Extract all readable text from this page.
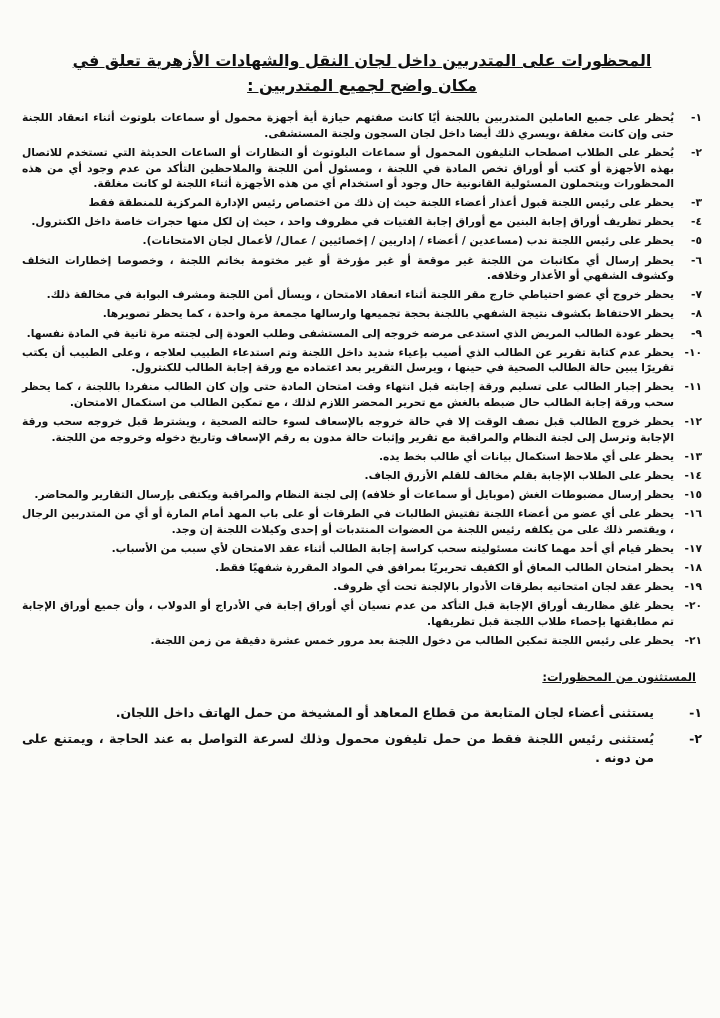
المحظورات على المتدربين داخل لجان النقل والشهادات الأزهرية تعلق في مكان واضح لجميع المتدربين :
١-
يُحظر على جميع العاملين المتدربين باللجنة أيًا كانت صفتهم حيازة أية أجهزة محمول أو سماعات بلوتوث أثناء انعقاد اللجنة حتى وإن كانت مغلقة ،ويسري ذلك أيضا داخل لجان السجون ولجنة المستشفى.
٢-
يُحظر على الطلاب اصطحاب التليفون المحمول أو سماعات البلوتوث أو النظارات أو الساعات الحديثة التي تستخدم للاتصال بهذه الأجهزة أو كتب أو أوراق تخص المادة في اللجنة ، ومسئول أمن اللجنة والملاحظين التأكد من عدم وجود أي من هذه المحظورات ويتحملون المسئولية القانونية حال وجود أو استخدام أي من هذه الأجهزة أثناء اللجنة لو كانت مغلقة.
٣-
يحظر على رئيس اللجنة قبول أعذار أعضاء اللجنة حيث إن ذلك من اختصاص رئيس الإدارة المركزية للمنطقة فقط
٤-
يحظر تظريف أوراق إجابة البنين مع أوراق إجابة الفتيات في مظروف واحد ، حيث إن لكل منها حجرات خاصة داخل الكنترول.
٥-
يحظر على رئيس اللجنة ندب (مساعدين / أعضاء / إداريين / إخصائيين / عمال/ لأعمال لجان الامتحانات).
٦-
يحظر إرسال أي مكاتبات من اللجنة غير موقعة أو غير مؤرخة أو غير مختومة بخاتم اللجنة ، وخصوصا إخطارات التخلف وكشوف الشفهي أو الأعذار وخلافه.
٧-
يحظر خروج أي عضو احتياطي خارج مقر اللجنة أثناء انعقاد الامتحان ، ويسأل أمن اللجنة ومشرف البوابة في مخالفة ذلك.
٨-
يحظر الاحتفاظ بكشوف نتيجة الشفهي باللجنة بحجة تجميعها وارسالها مجمعة مرة واحدة ، كما يحظر تصويرها.
٩-
يحظر عودة الطالب المريض الذي استدعى مرضه خروجه إلى المستشفى وطلب العودة إلى لجنته مرة ثانية في المادة نفسها.
١٠-
يحظر عدم كتابة تقرير عن الطالب الذي أصيب بإعياء شديد داخل اللجنة وتم استدعاء الطبيب لعلاجه ، وعلى الطبيب أن يكتب تقريرًا يبين حالة الطالب الصحية في حينها ، ويرسل التقرير بعد اعتماده مع ورقة إجابة الطالب للكنترول.
١١-
يحظر إجبار الطالب على تسليم ورقة إجابته قبل انتهاء وقت امتحان المادة حتى وإن كان الطالب منفردا باللجنة ، كما يحظر سحب ورقة إجابة الطالب حال ضبطه بالغش مع تحرير المحضر اللازم لذلك ، مع تمكين الطالب من استكمال الامتحان.
١٢-
يحظر خروج الطالب قبل نصف الوقت إلا في حالة خروجه بالإسعاف لسوء حالته الصحية ، ويشترط قبل خروجه سحب ورقة الإجابة وترسل إلى لجنة النظام والمراقبة مع تقرير وإثبات حالة مدون به رقم الإسعاف وتاريخ دخوله وخروجه من اللجنة.
١٣-
يحظر على أي ملاحظ استكمال بيانات أي طالب بخط يده.
١٤-
يحظر على الطلاب الإجابة بقلم مخالف للقلم الأزرق الجاف.
١٥-
يحظر إرسال مضبوطات الغش (موبايل أو سماعات أو خلافه) إلى لجنة النظام والمراقبة ويكتفى بإرسال التقارير والمحاضر.
١٦-
يحظر على أي عضو من أعضاء اللجنة تفتيش الطالبات في الطرقات أو على باب المهد أمام المارة أو أي من المتدربين الرجال ، ويقتصر ذلك على من يكلفه رئيس اللجنة من العضوات المنتدبات أو إحدى وكيلات اللجنة إن وجد.
١٧-
يحظر قيام أي أحد مهما كانت مسئوليته سحب كراسة إجابة الطالب أثناء عقد الامتحان لأي سبب من الأسباب.
١٨-
يحظر امتحان الطالب المعاق أو الكفيف تحريريًا بمرافق في المواد المقررة شفهيًا فقط.
١٩-
يحظر عقد لجان امتحانيه بطرقات الأدوار بالإلجنة تحت أي ظروف.
٢٠-
يحظر غلق مظاريف أوراق الإجابة قبل التأكد من عدم نسيان أي أوراق إجابة في الأدراج أو الدولاب ، وأن جميع أوراق الإجابة تم مطابقتها بإحصاء طلاب اللجنة قبل تظريفها.
٢١-
يحظر على رئيس اللجنة تمكين الطالب من دخول اللجنة بعد مرور خمس عشرة دقيقة من زمن اللجنة.
المستثنون من المحظورات:
١-
يستثنى أعضاء لجان المتابعة من قطاع المعاهد أو المشيخة من حمل الهاتف داخل اللجان.
٢-
يُستثنى رئيس اللجنة فقط من حمل تليفون محمول وذلك لسرعة التواصل به عند الحاجة ، ويمتنع على من دونه .
